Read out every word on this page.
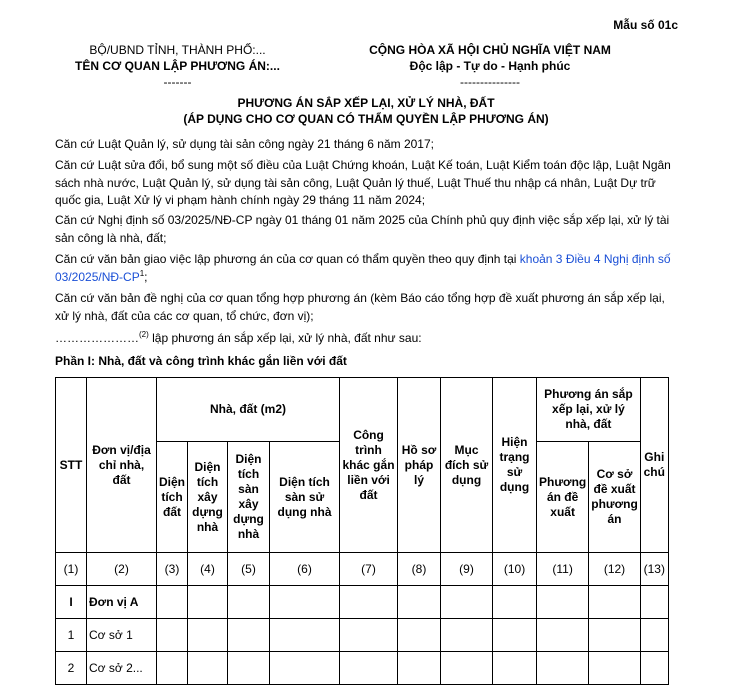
Mẫu số 01c
BỘ/UBND TỈNH, THÀNH PHỐ:...
TÊN CƠ QUAN LẬP PHƯƠNG ÁN:...
-------
CỘNG HÒA XÃ HỘI CHỦ NGHĨA VIỆT NAM
Độc lập - Tự do - Hạnh phúc
---------------
PHƯƠNG ÁN SẮP XẾP LẠI, XỬ LÝ NHÀ, ĐẤT
(ÁP DỤNG CHO CƠ QUAN CÓ THẨM QUYỀN LẬP PHƯƠNG ÁN)
Căn cứ Luật Quản lý, sử dụng tài sản công ngày 21 tháng 6 năm 2017;
Căn cứ Luật sửa đổi, bổ sung một số điều của Luật Chứng khoán, Luật Kế toán, Luật Kiểm toán độc lập, Luật Ngân sách nhà nước, Luật Quản lý, sử dụng tài sản công, Luật Quản lý thuế, Luật Thuế thu nhập cá nhân, Luật Dự trữ quốc gia, Luật Xử lý vi phạm hành chính ngày 29 tháng 11 năm 2024;
Căn cứ Nghị định số 03/2025/NĐ-CP ngày 01 tháng 01 năm 2025 của Chính phủ quy định việc sắp xếp lại, xử lý tài sản công là nhà, đất;
Căn cứ văn bản giao việc lập phương án của cơ quan có thẩm quyền theo quy định tại khoản 3 Điều 4 Nghị định số $03/2025/NĐ-CP^1$;
Căn cứ văn bản đề nghị của cơ quan tổng hợp phương án (kèm Báo cáo tổng hợp đề xuất phương án sắp xếp lại, xử lý nhà, đất của các cơ quan, tổ chức, đơn vị);
…………………$^{(2)}$ lập phương án sắp xếp lại, xử lý nhà, đất như sau:
Phần I: Nhà, đất và công trình khác gắn liền với đất
STT	Đơn vị/địa chỉ nhà, đất	Nhà, đất (m2)				Công trình khác gắn liền với đất	Hồ sơ pháp lý	Mục đích sử dụng	Hiện trạng sử dụng	Phương án sắp xếp lại, xử lý nhà, đất		Ghi chú
		Diện tích đất	Diện tích xây dựng nhà	Diện tích sàn xây dựng nhà	Diện tích sàn sử dụng nhà					Phương án đề xuất	Cơ sở đề xuất phương án	
(1)	(2)	(3)	(4)	(5)	(6)	(7)	(8)	(9)	(10)	(11)	(12)	(13)
I	Đơn vị A											
1	Cơ sở 1											
2	Cơ sở 2...											
